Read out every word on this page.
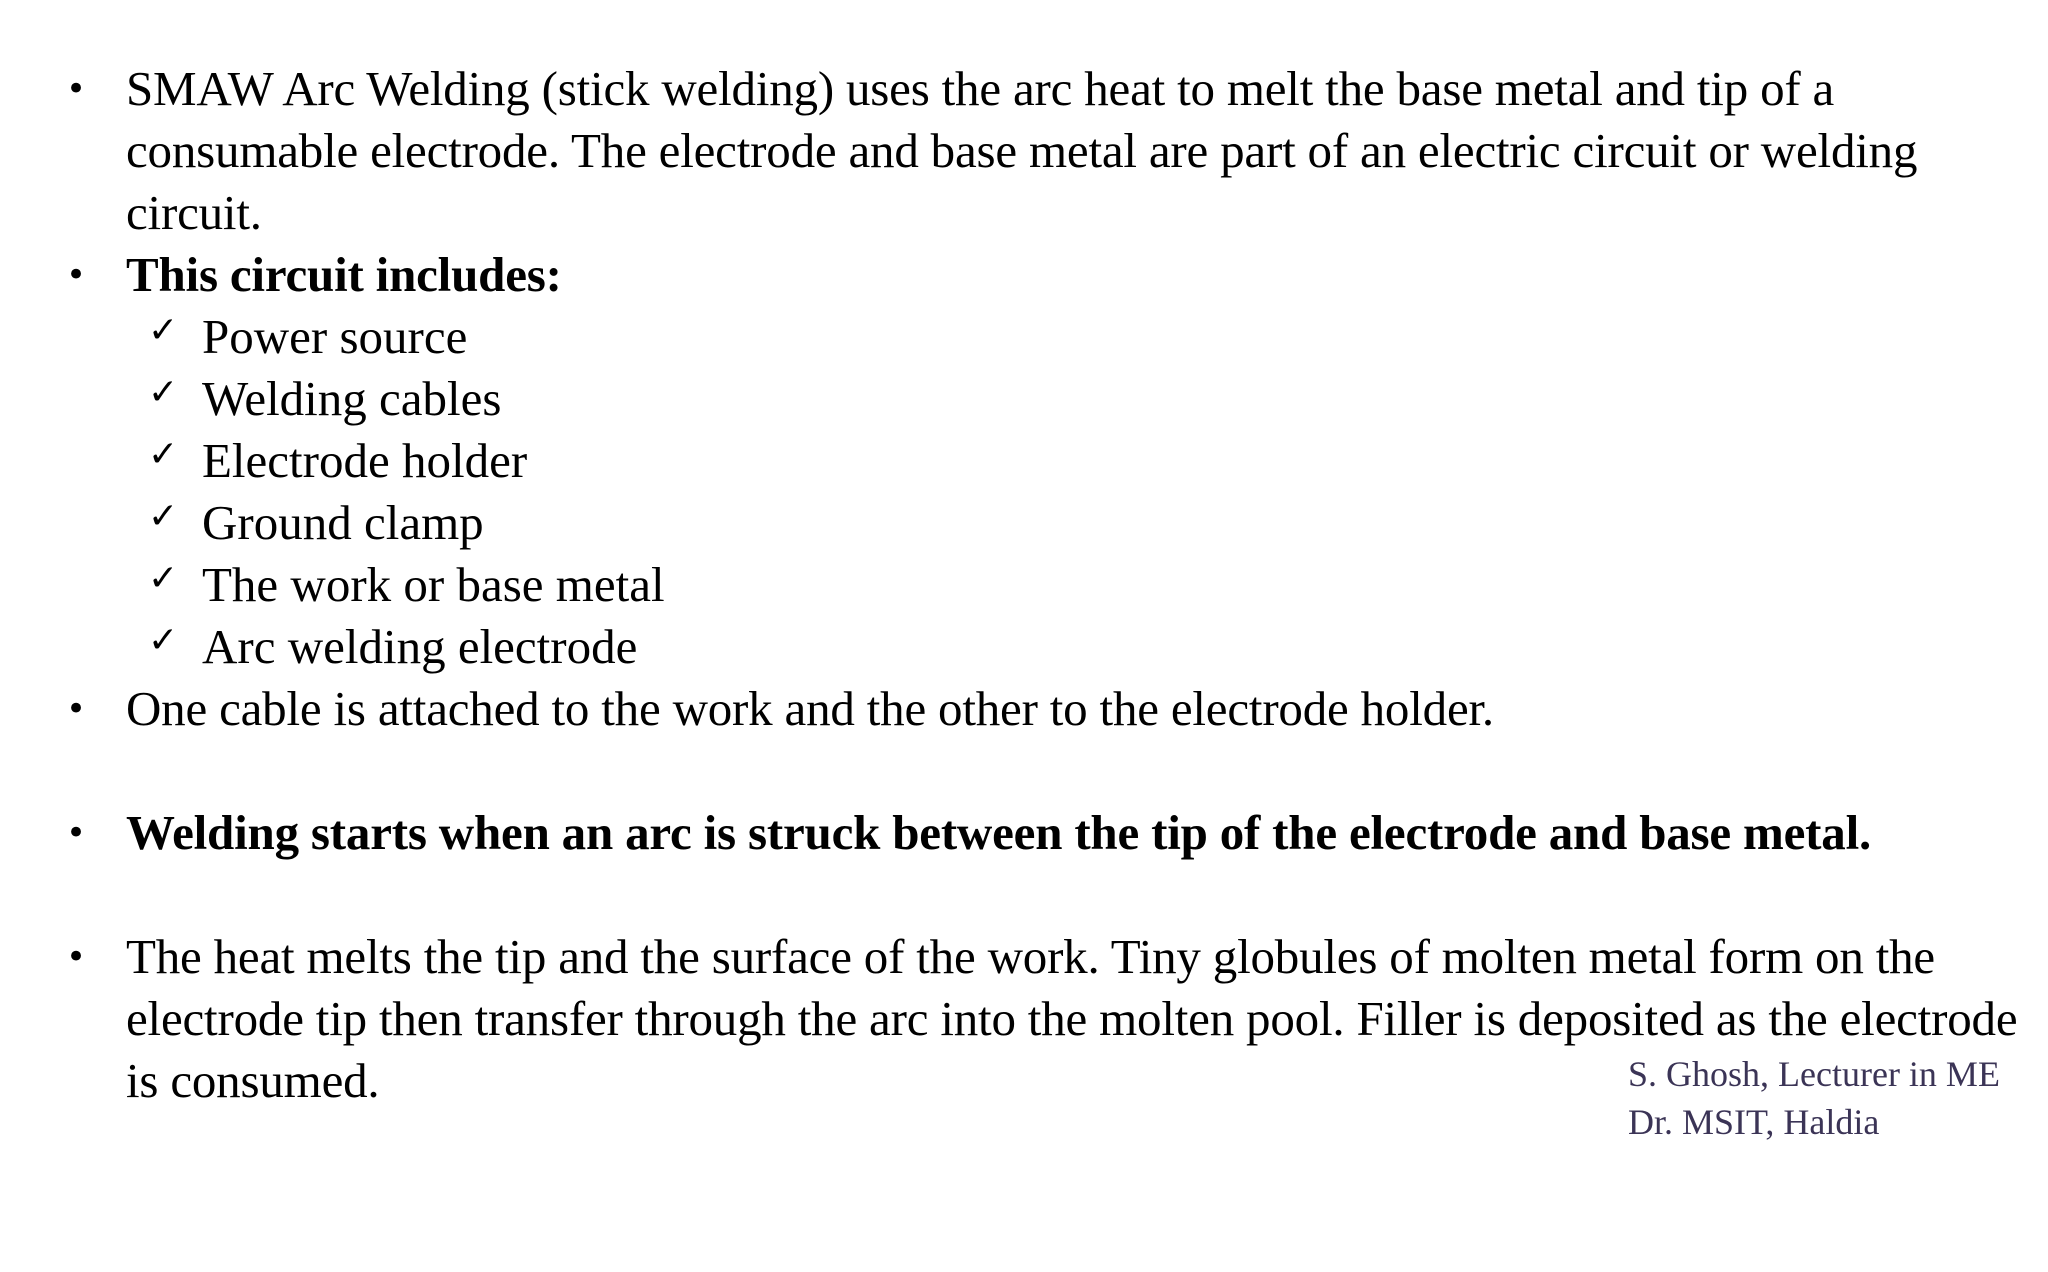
• SMAW Arc Welding (stick welding) uses the arc heat to melt the base metal and tip of a consumable electrode. The electrode and base metal are part of an electric circuit or welding circuit.
• This circuit includes:
✓ Power source
✓ Welding cables
✓ Electrode holder
✓ Ground clamp
✓ The work or base metal
✓ Arc welding electrode
• One cable is attached to the work and the other to the electrode holder.
• Welding starts when an arc is struck between the tip of the electrode and base metal.
• The heat melts the tip and the surface of the work. Tiny globules of molten metal form on the electrode tip then transfer through the arc into the molten pool. Filler is deposited as the electrode is consumed.	S. Ghosh, Lecturer in ME
Dr. MSIT, Haldia
